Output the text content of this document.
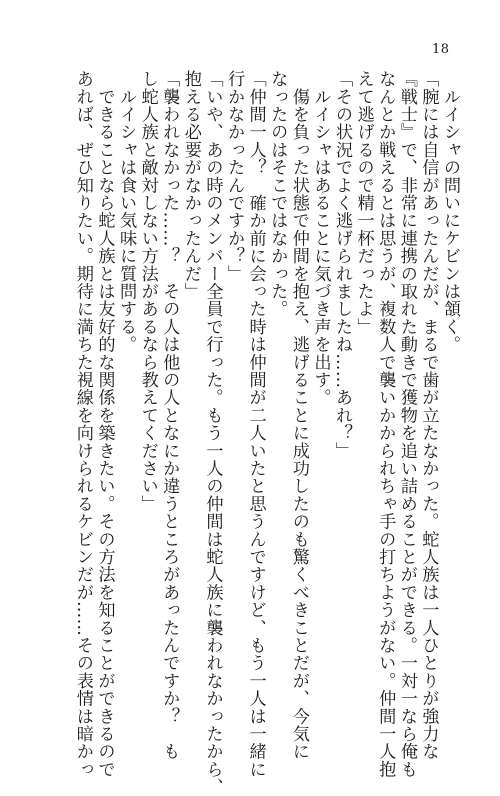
18

　ルイシャの問いにケビンは頷く。

「腕には自信があったんだが、まるで歯が立たなかった。蛇人族は一人ひとりが強力な

『戦士』で、非常に連携の取れた動きで獲物を追い詰めることができる。一対一なら俺も

なんとか戦えるとは思うが、複数人で襲いかかられちゃ手の打ちようがない。仲間一人抱

えて逃げるので精一杯だったよ」

「その状況でよく逃げられましたね……あれ？」

　ルイシャはあることに気づき声を出す。

　傷を負った状態で仲間を抱え、逃げることに成功したのも驚くべきことだが、今気に

なったのはそこではなかった。

「仲間一人？　確か前に会った時は仲間が二人いたと思うんですけど、もう一人は一緒に

行かなかったんですか？」

「いや、あの時のメンバー全員で行った。もう一人の仲間は蛇人族に襲われなかったから、

抱える必要がなかったんだ」

「襲われなかった……？　その人は他の人となにか違うところがあったんですか？　も

し蛇人族と敵対しない方法があるなら教えてください」

　ルイシャは食い気味に質問する。

　できることなら蛇人族とは友好的な関係を築きたい。その方法を知ることができるので

あれば、ぜひ知りたい。期待に満ちた視線を向けられるケビンだが……その表情は暗かっ
